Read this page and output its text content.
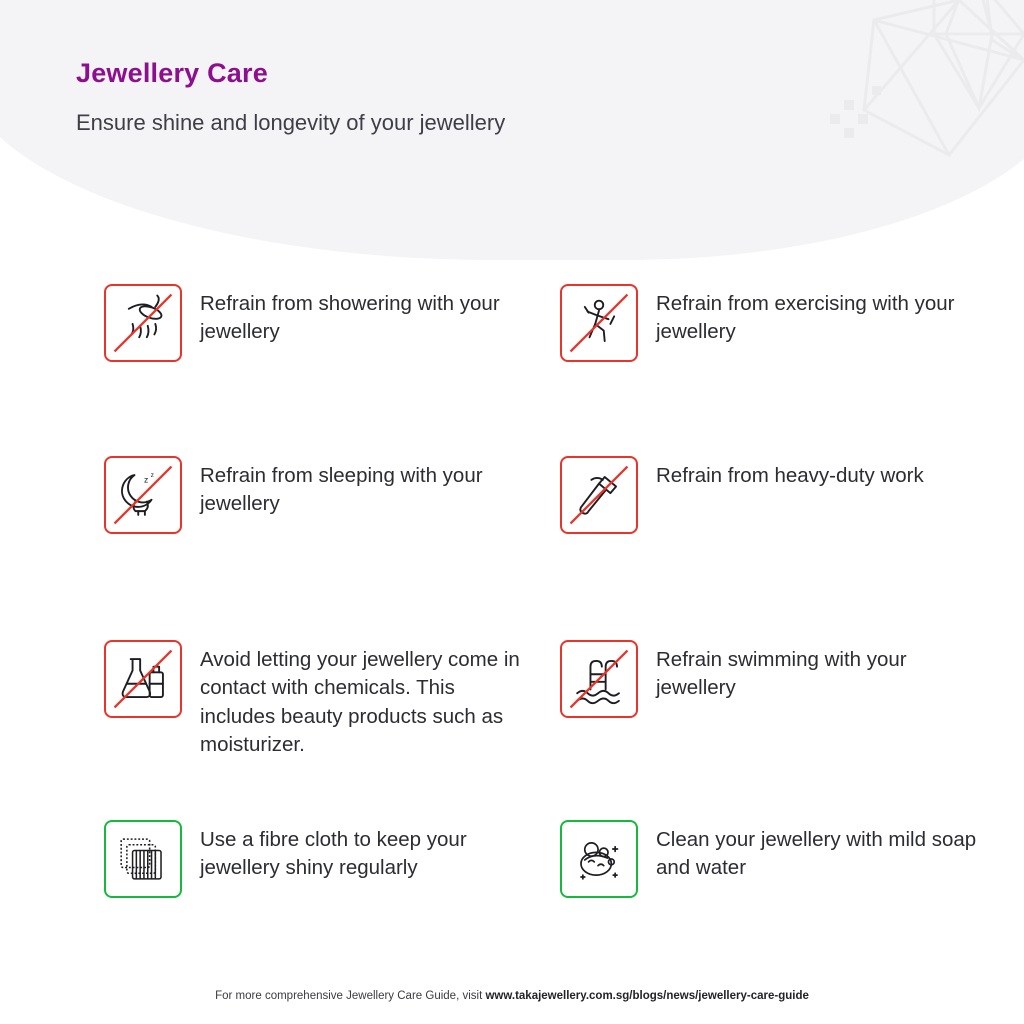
Jewellery Care
Ensure shine and longevity of your jewellery
Refrain from showering with your jewellery
Refrain from exercising with your jewellery
z z Refrain from sleeping with your jewellery
Refrain from heavy-duty work
Avoid letting your jewellery come in contact with chemicals. This includes beauty products such as moisturizer.
Refrain swimming with your jewellery
Use a fibre cloth to keep your jewellery shiny regularly
Clean your jewellery with mild soap and water
For more comprehensive Jewellery Care Guide, visit www.takajewellery.com.sg/blogs/news/jewellery-care-guide
